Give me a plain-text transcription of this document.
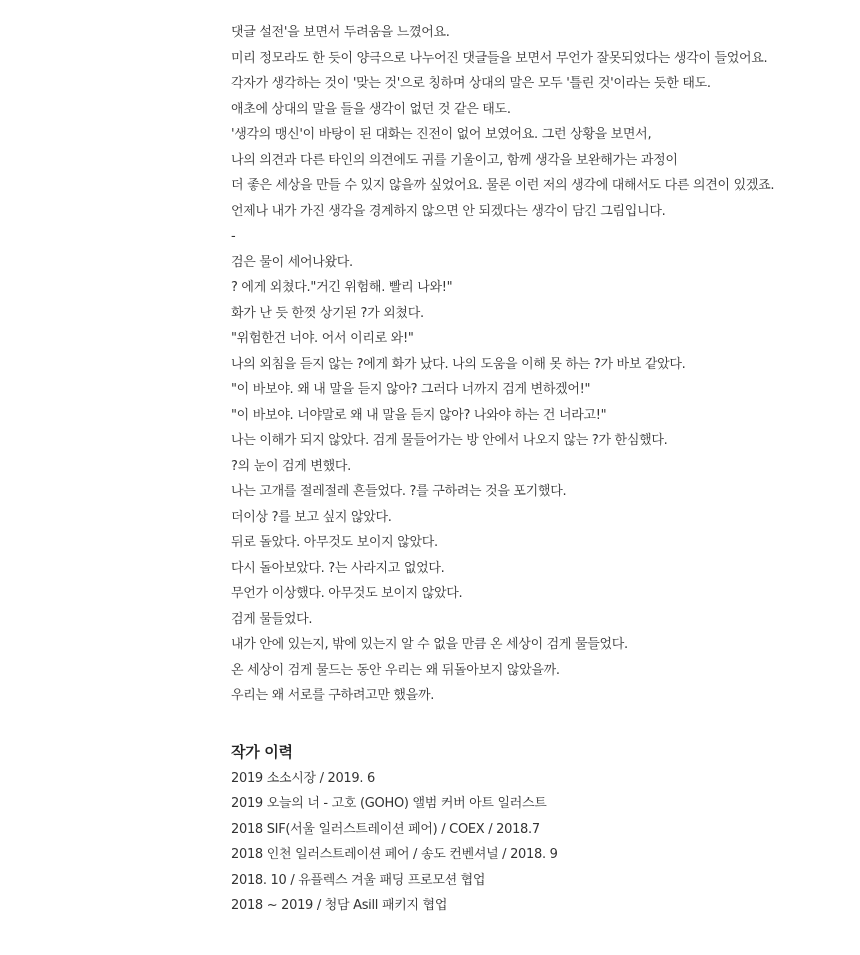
댓글 설전'을 보면서 두려움을 느꼈어요.
미리 정모라도 한 듯이 양극으로 나누어진 댓글들을 보면서 무언가 잘못되었다는 생각이 들었어요.
각자가 생각하는 것이 '맞는 것'으로 칭하며 상대의 말은 모두 '틀린 것'이라는 듯한 태도.
애초에 상대의 말을 들을 생각이 없던 것 같은 태도.
'생각의 맹신'이 바탕이 된 대화는 진전이 없어 보였어요. 그런 상황을 보면서,
나의 의견과 다른 타인의 의견에도 귀를 기울이고, 함께 생각을 보완해가는 과정이
더 좋은 세상을 만들 수 있지 않을까 싶었어요. 물론 이런 저의 생각에 대해서도 다른 의견이 있겠죠.
언제나 내가 가진 생각을 경계하지 않으면 안 되겠다는 생각이 담긴 그림입니다.
-
검은 물이 세어나왔다.
? 에게 외쳤다."거긴 위험해. 빨리 나와!"
화가 난 듯 한껏 상기된 ?가 외쳤다.
"위험한건 너야. 어서 이리로 와!"
나의 외침을 듣지 않는 ?에게 화가 났다. 나의 도움을 이해 못 하는 ?가 바보 같았다.
"이 바보야. 왜 내 말을 듣지 않아? 그러다 너까지 검게 변하겠어!"
"이 바보야. 너야말로 왜 내 말을 듣지 않아? 나와야 하는 건 너라고!"
나는 이해가 되지 않았다. 검게 물들어가는 방 안에서 나오지 않는 ?가 한심했다.
?의 눈이 검게 변했다.
나는 고개를 절레절레 흔들었다. ?를 구하려는 것을 포기했다.
더이상 ?를 보고 싶지 않았다.
뒤로 돌았다. 아무것도 보이지 않았다.
다시 돌아보았다. ?는 사라지고 없었다.
무언가 이상했다. 아무것도 보이지 않았다.
검게 물들었다.
내가 안에 있는지, 밖에 있는지 알 수 없을 만큼 온 세상이 검게 물들었다.
온 세상이 검게 물드는 동안 우리는 왜 뒤돌아보지 않았을까.
우리는 왜 서로를 구하려고만 했을까.
작가 이력
2019 소소시장 / 2019. 6
2019 오늘의 너 - 고호 (GOHO) 앨범 커버 아트 일러스트
2018 SIF(서울 일러스트레이션 페어) / COEX / 2018.7
2018 인천 일러스트레이션 페어 / 송도 컨벤셔널 / 2018. 9
2018. 10 / 유플렉스 겨울 패딩 프로모션 협업
2018 ~ 2019 / 청담 Asill 패키지 협업
